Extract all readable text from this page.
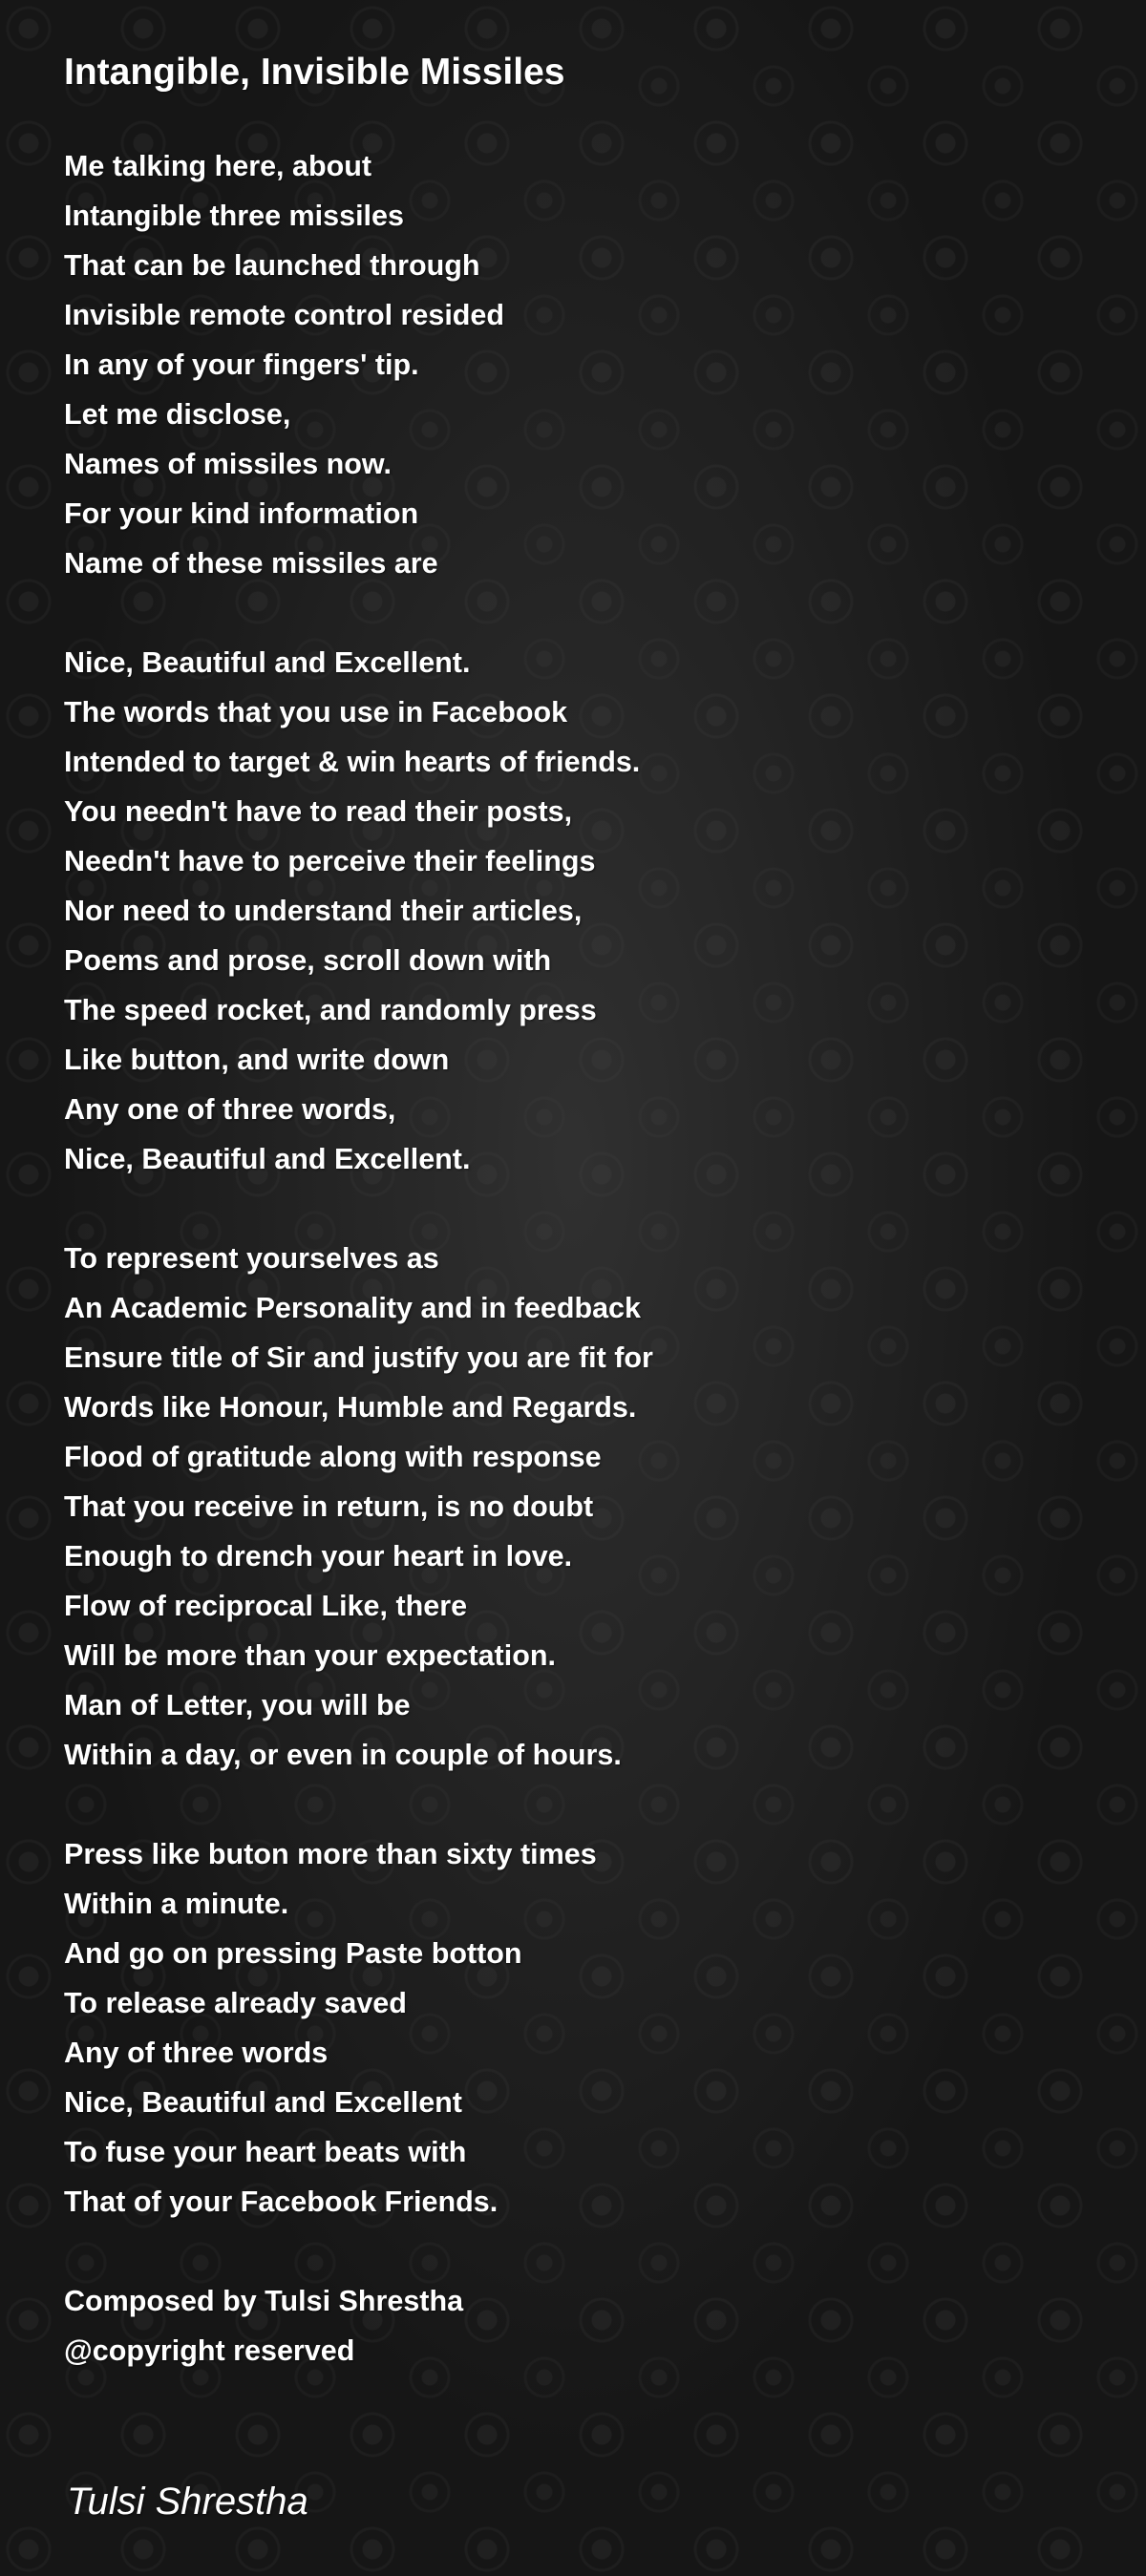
Intangible, Invisible Missiles
Me talking here, about
Intangible three missiles
That can be launched through
Invisible remote control resided
In any of your fingers' tip.
Let me disclose,
Names of missiles now.
For your kind information
Name of these missiles are
Nice, Beautiful and Excellent.
The words that you use in Facebook
Intended to target & win hearts of friends.
You needn't have to read their posts,
Needn't have to perceive their feelings
Nor need to understand their articles,
Poems and prose, scroll down with
The speed rocket, and randomly press
Like button, and write down
Any one of three words,
Nice, Beautiful and Excellent.
To represent yourselves as
An Academic Personality and in feedback
Ensure title of Sir and justify you are fit for
Words like Honour, Humble and Regards.
Flood of gratitude along with response
That you receive in return, is no doubt
Enough to drench your heart in love.
Flow of reciprocal Like, there
Will be more than your expectation.
Man of Letter, you will be
Within a day, or even in couple of hours.
Press like buton more than sixty times
Within a minute.
And go on pressing Paste botton
To release already saved
Any of three words
Nice, Beautiful and Excellent
To fuse your heart beats with
That of your Facebook Friends.
Composed by Tulsi Shrestha
@copyright reserved

Tulsi Shrestha
